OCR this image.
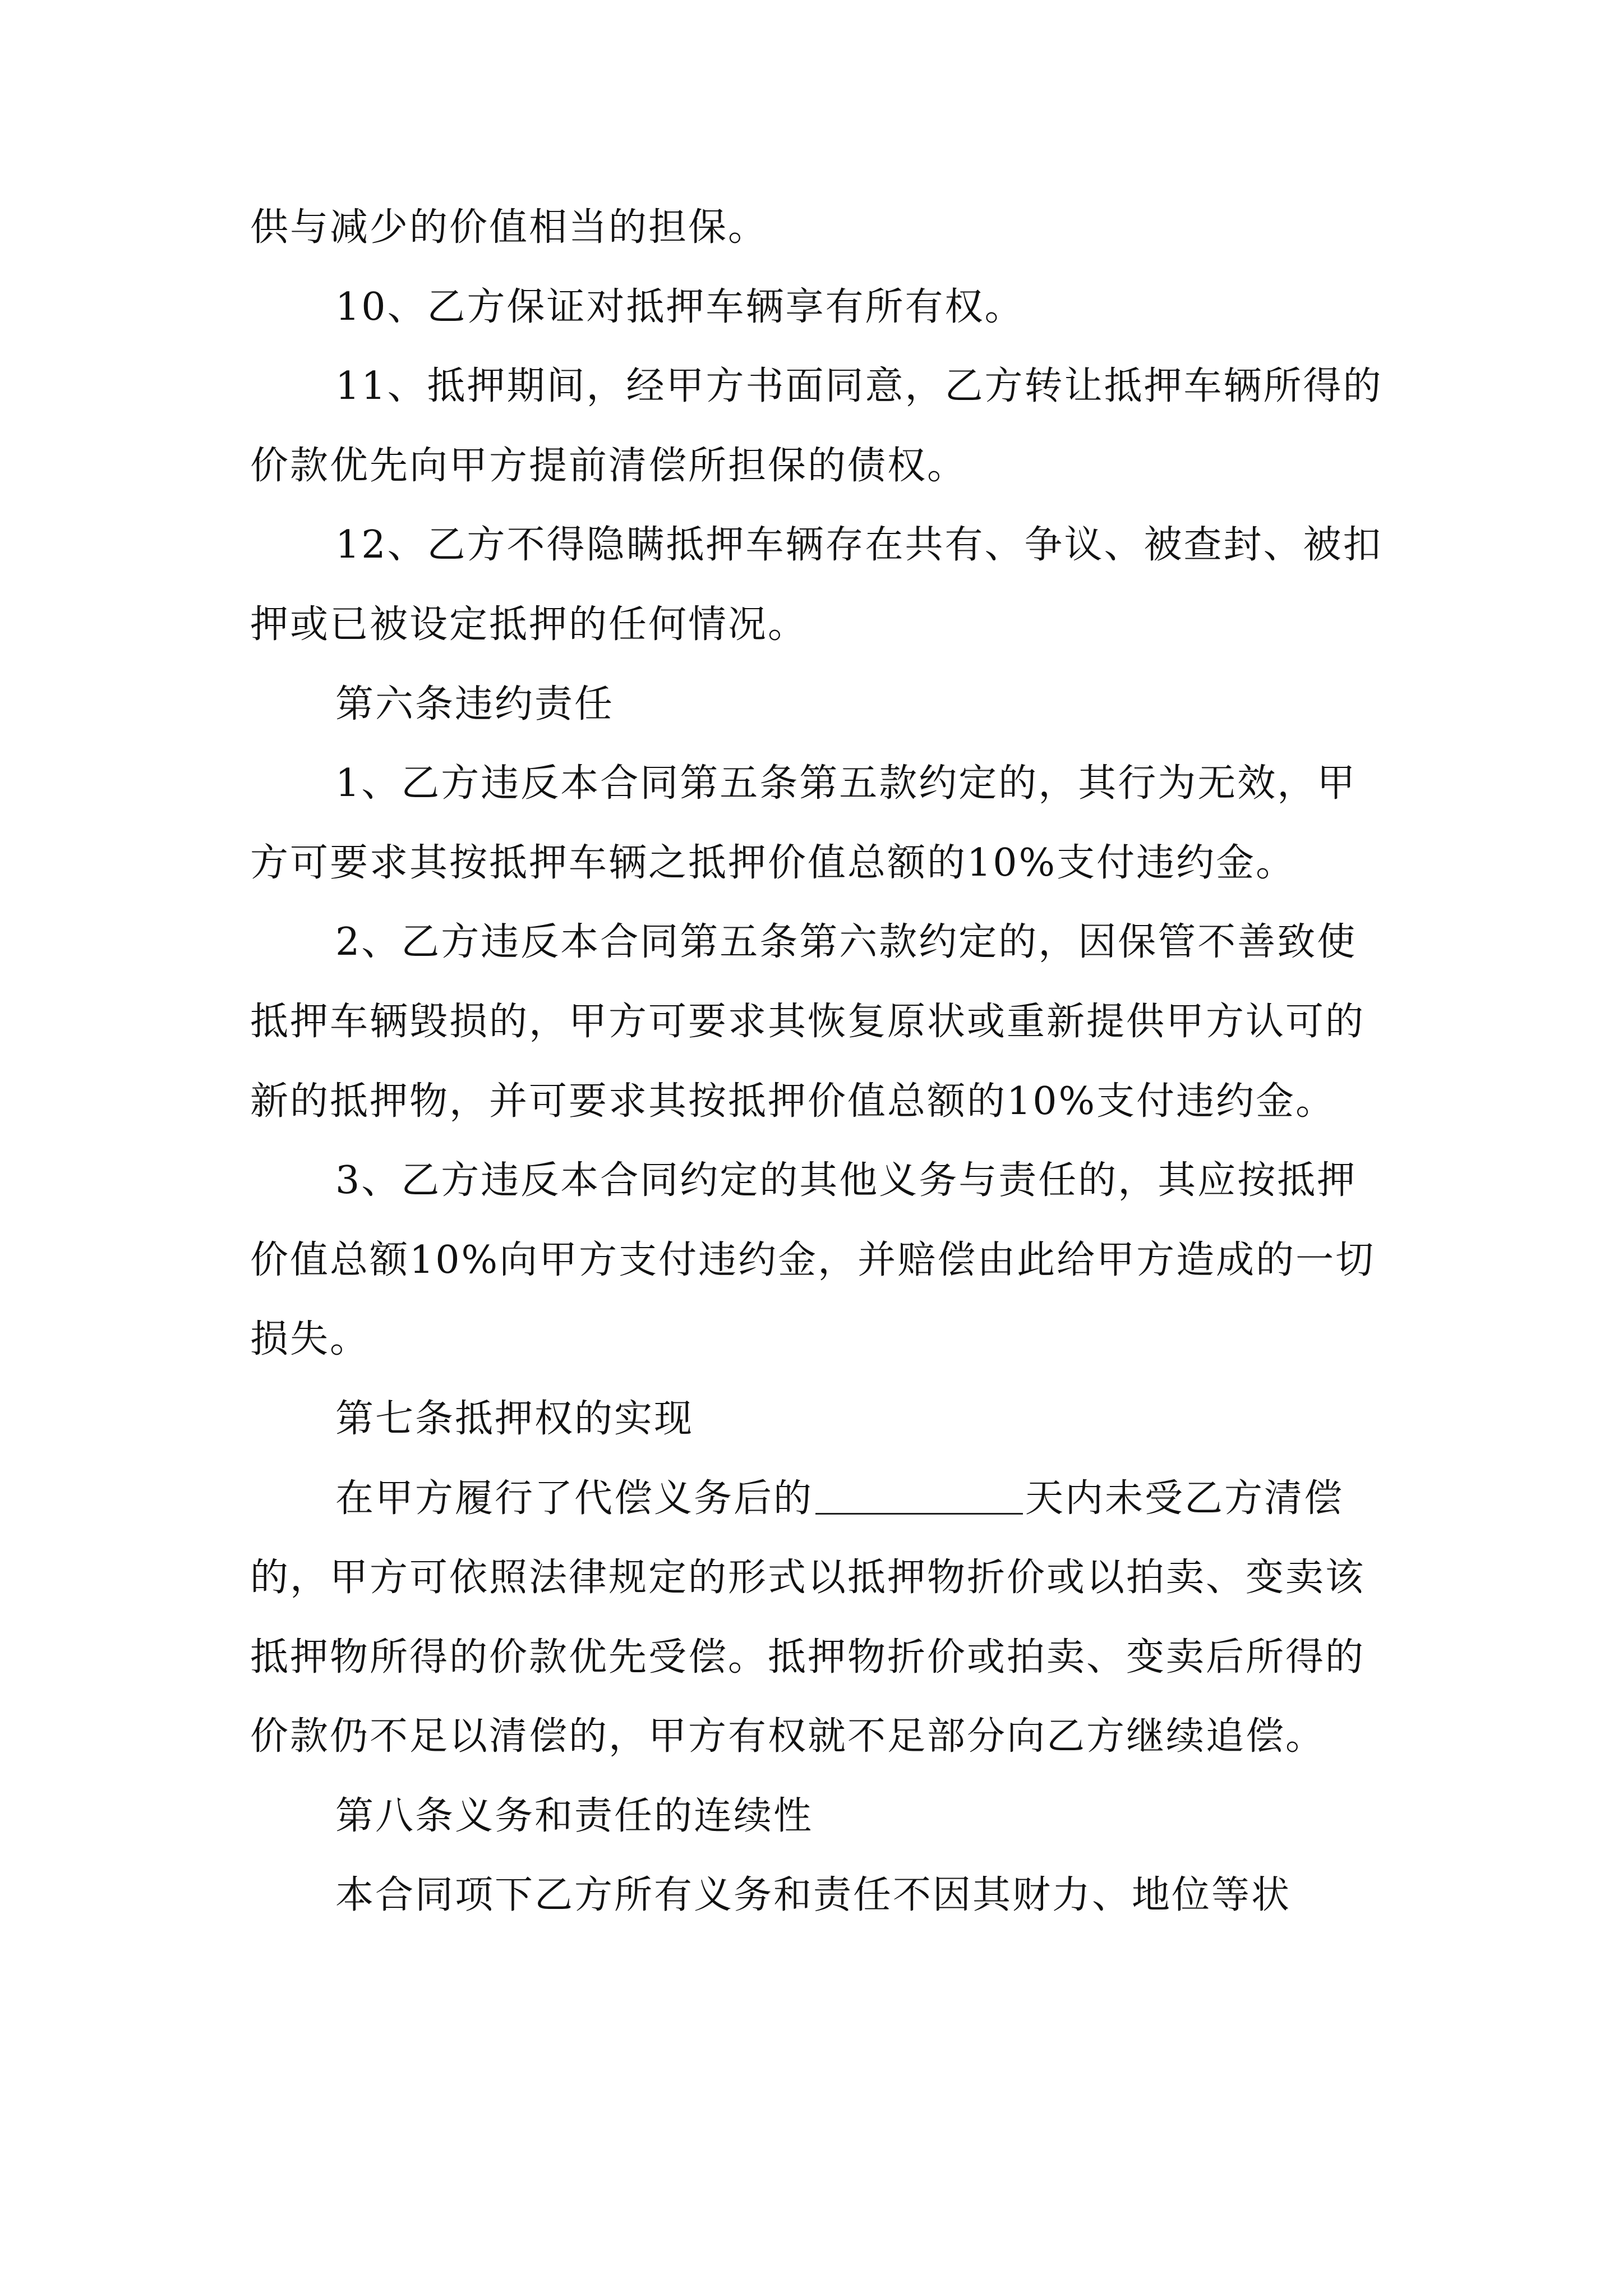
供与减少的价值相当的担保。

10、乙方保证对抵押车辆享有所有权。

11、抵押期间，经甲方书面同意，乙方转让抵押车辆所得的价款优先向甲方提前清偿所担保的债权。

12、乙方不得隐瞒抵押车辆存在共有、争议、被查封、被扣押或已被设定抵押的任何情况。

第六条违约责任

1、乙方违反本合同第五条第五款约定的，其行为无效，甲方可要求其按抵押车辆之抵押价值总额的10%支付违约金。

2、乙方违反本合同第五条第六款约定的，因保管不善致使抵押车辆毁损的，甲方可要求其恢复原状或重新提供甲方认可的新的抵押物，并可要求其按抵押价值总额的10%支付违约金。

3、乙方违反本合同约定的其他义务与责任的，其应按抵押价值总额10%向甲方支付违约金，并赔偿由此给甲方造成的一切损失。

第七条抵押权的实现

在甲方履行了代偿义务后的	天内未受乙方清偿的，甲方可依照法律规定的形式以抵押物折价或以拍卖、变卖该抵押物所得的价款优先受偿。抵押物折价或拍卖、变卖后所得的价款仍不足以清偿的，甲方有权就不足部分向乙方继续追偿。

第八条义务和责任的连续性

本合同项下乙方所有义务和责任不因其财力、地位等状
